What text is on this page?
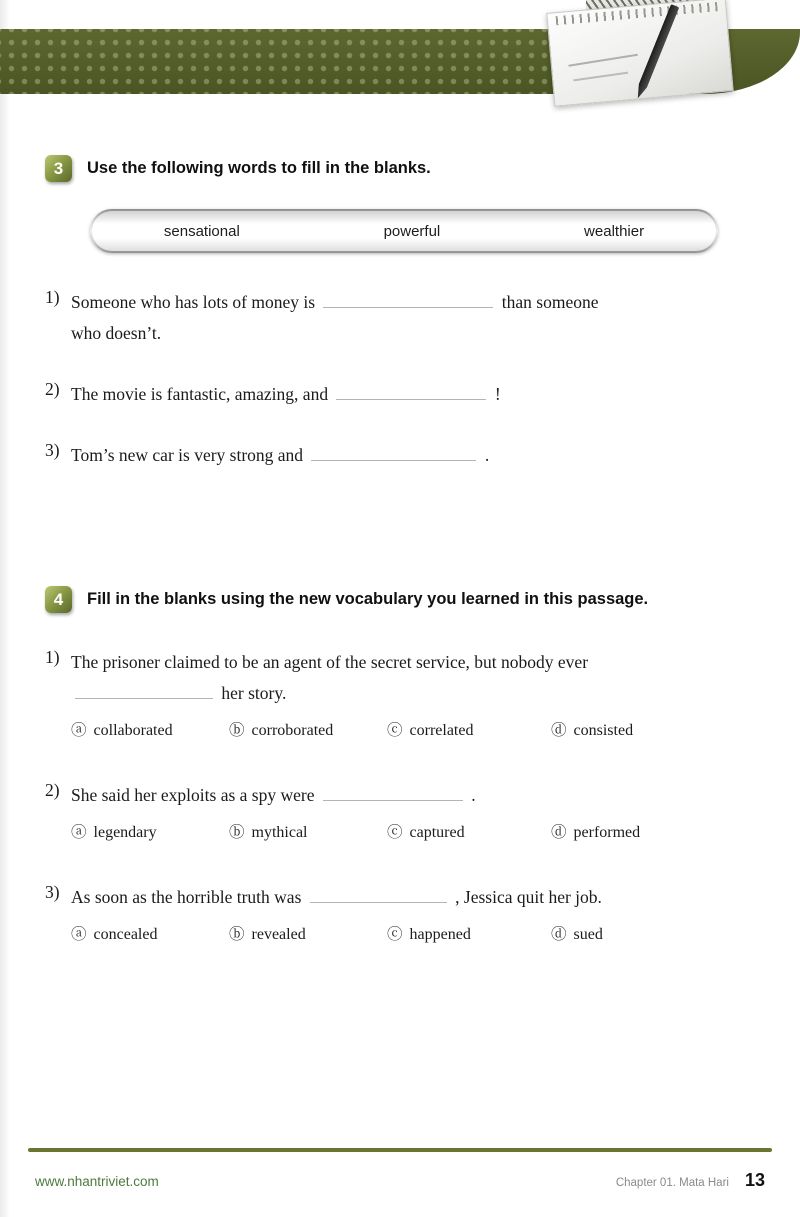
3	Use the following words to fill in the blanks.
sensational	powerful	wealthier
1) Someone who has lots of money is	than someone
who doesn’t.
2) The movie is fantastic, amazing, and	!
3) Tom’s new car is very strong and	.
4	Fill in the blanks using the new vocabulary you learned in this passage.
1) The prisoner claimed to be an agent of the secret service, but nobody ever
her story.
ⓐ collaborated	ⓑ corroborated	ⓒ correlated	ⓓ consisted
2) She said her exploits as a spy were	.
ⓐ legendary	ⓑ mythical	ⓒ captured	ⓓ performed
3) As soon as the horrible truth was	, Jessica quit her job.
ⓐ concealed	ⓑ revealed	ⓒ happened	ⓓ sued
www.nhantriviet.com	Chapter 01. Mata Hari 13
